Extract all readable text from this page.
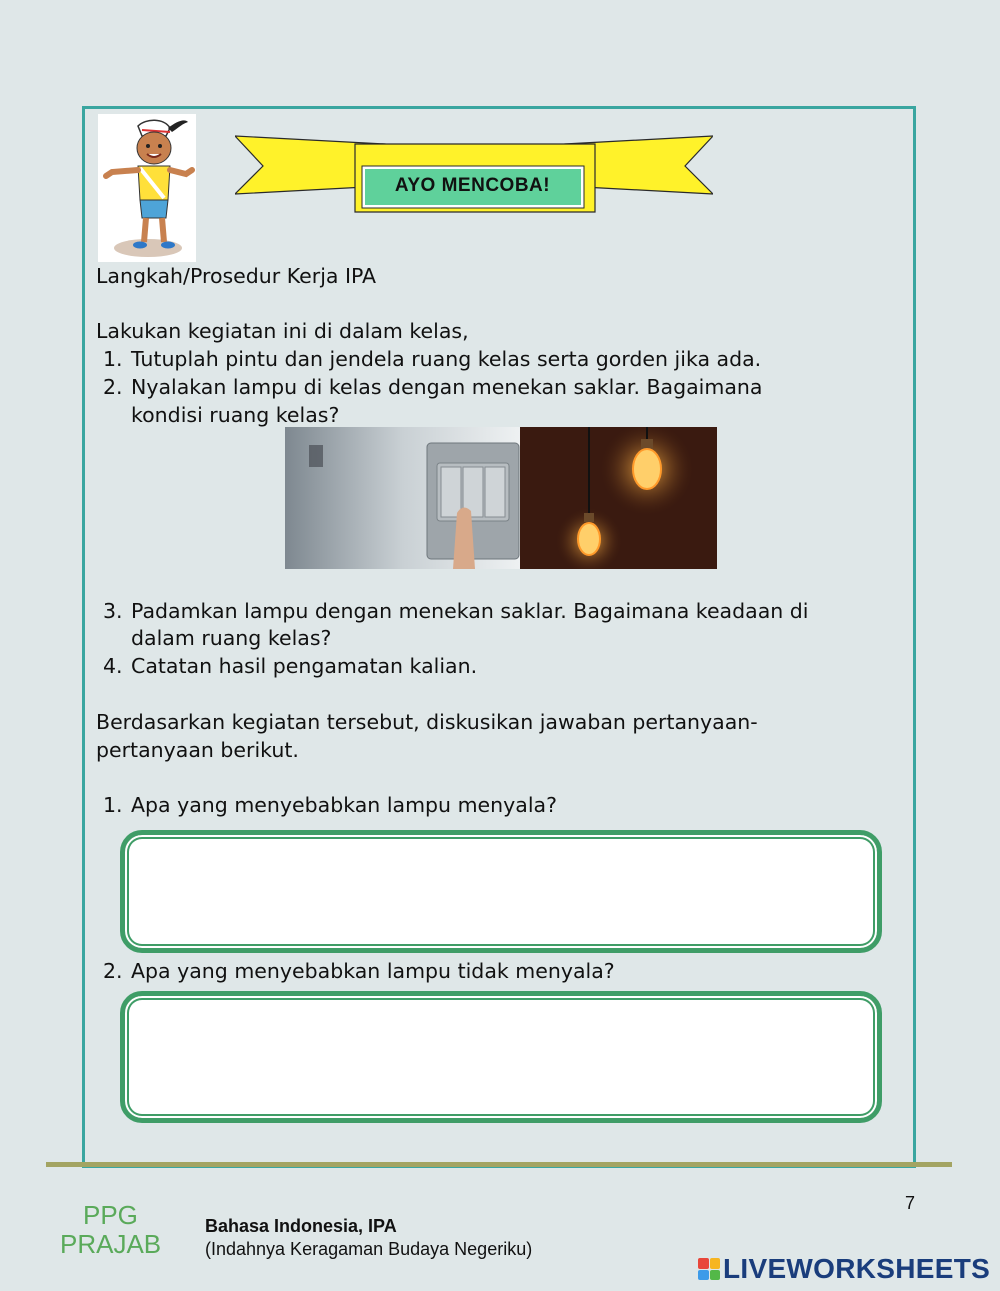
AYO MENCOBA!
Langkah/Prosedur Kerja IPA
Lakukan kegiatan ini di dalam kelas,
1. Tutuplah pintu dan jendela ruang kelas serta gorden jika ada.
2. Nyalakan lampu di kelas dengan menekan saklar. Bagaimana
kondisi ruang kelas?
3. Padamkan lampu dengan menekan saklar. Bagaimana keadaan di
dalam ruang kelas?
4. Catatan hasil pengamatan kalian.
Berdasarkan kegiatan tersebut, diskusikan jawaban pertanyaan-
pertanyaan berikut.
1. Apa yang menyebabkan lampu menyala?
2. Apa yang menyebabkan lampu tidak menyala?
PPG
PRAJAB
Bahasa Indonesia, IPA
(Indahnya Keragaman Budaya Negeriku)
7
LIVEWORKSHEETS
